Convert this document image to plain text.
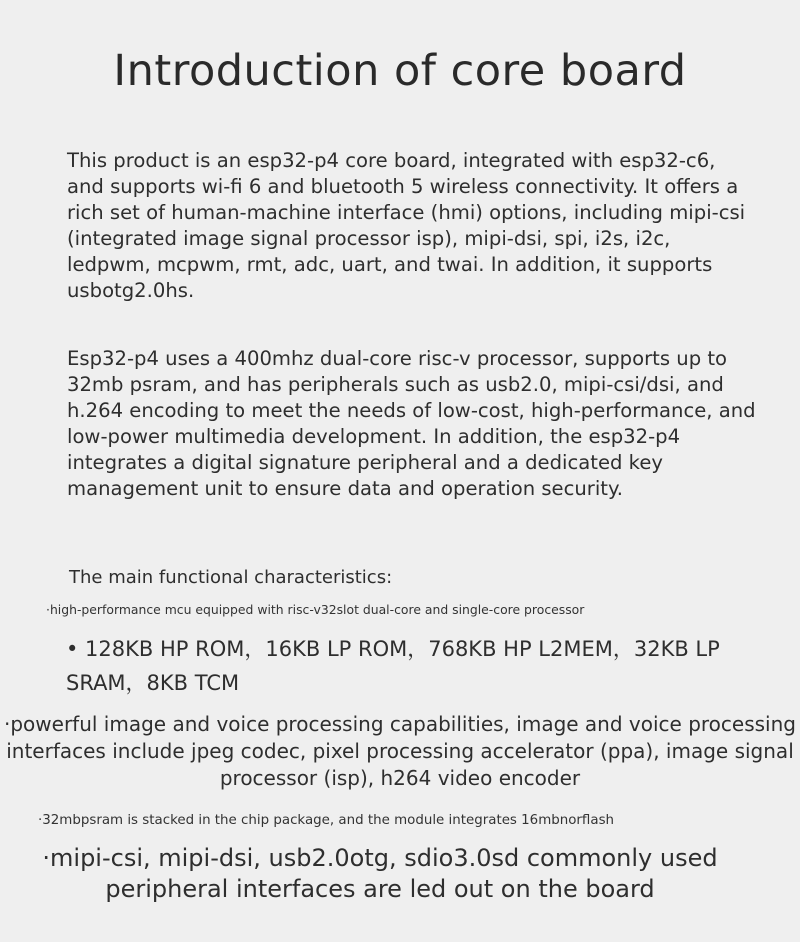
Introduction of core board

This product is an esp32-p4 core board, integrated with esp32-c6, and supports wi-fi 6 and bluetooth 5 wireless connectivity. It offers a rich set of human-machine interface (hmi) options, including mipi-csi (integrated image signal processor isp), mipi-dsi, spi, i2s, i2c, ledpwm, mcpwm, rmt, adc, uart, and twai. In addition, it supports usbotg2.0hs.

Esp32-p4 uses a 400mhz dual-core risc-v processor, supports up to 32mb psram, and has peripherals such as usb2.0, mipi-csi/dsi, and h.264 encoding to meet the needs of low-cost, high-performance, and low-power multimedia development. In addition, the esp32-p4 integrates a digital signature peripheral and a dedicated key management unit to ensure data and operation security.

The main functional characteristics:

·high-performance mcu equipped with risc-v32slot dual-core and single-core processor

• 128KB HP ROM，16KB LP ROM，768KB HP L2MEM，32KB LP SRAM，8KB TCM

·powerful image and voice processing capabilities, image and voice processing interfaces include jpeg codec, pixel processing accelerator (ppa), image signal processor (isp), h264 video encoder

·32mbpsram is stacked in the chip package, and the module integrates 16mbnorflash

·mipi-csi, mipi-dsi, usb2.0otg, sdio3.0sd commonly used peripheral interfaces are led out on the board
